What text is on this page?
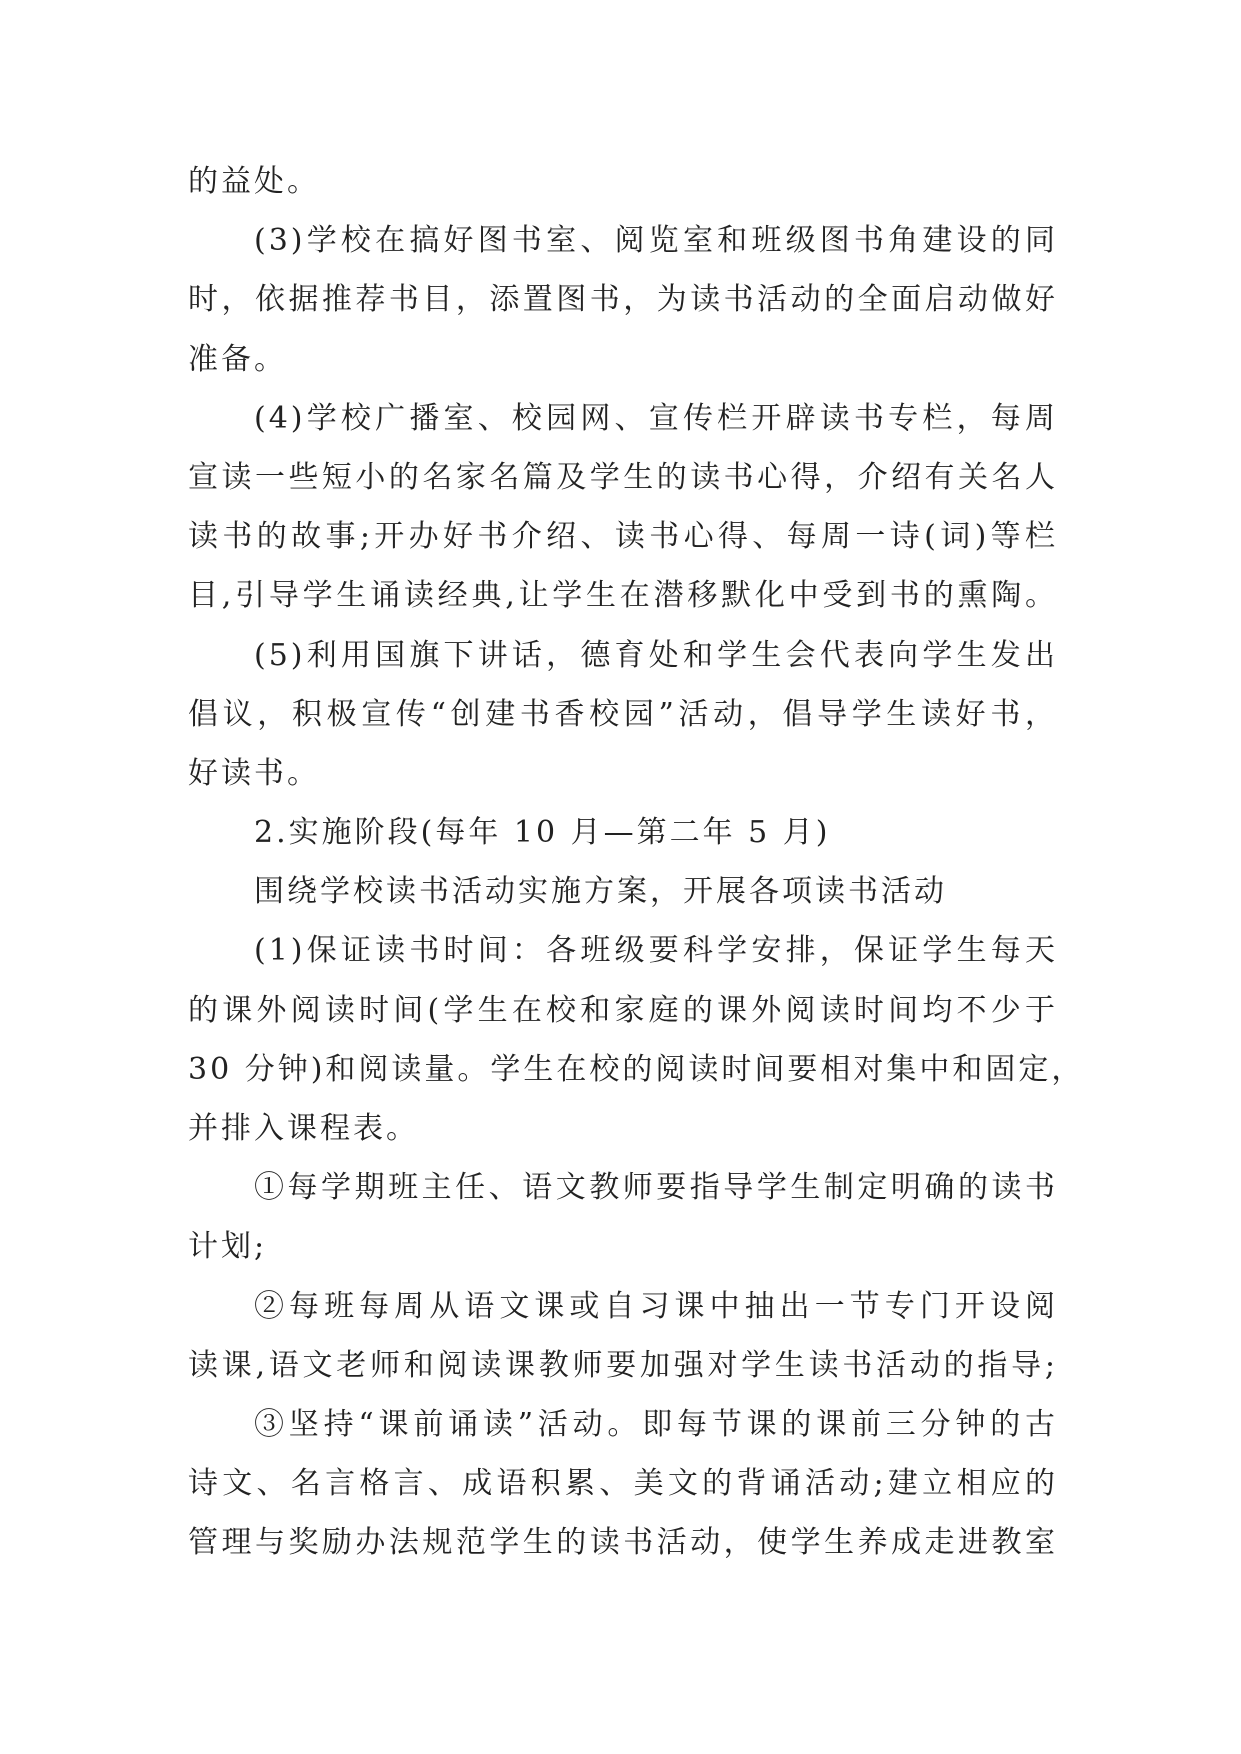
的益处。
(3)学校在搞好图书室、阅览室和班级图书角建设的同
时，依据推荐书目，添置图书，为读书活动的全面启动做好
准备。
(4)学校广播室、校园网、宣传栏开辟读书专栏，每周
宣读一些短小的名家名篇及学生的读书心得，介绍有关名人
读书的故事;开办好书介绍、读书心得、每周一诗(词)等栏
目,引导学生诵读经典,让学生在潜移默化中受到书的熏陶。
(5)利用国旗下讲话，德育处和学生会代表向学生发出
倡议，积极宣传“创建书香校园”活动，倡导学生读好书，
好读书。
2.实施阶段(每年 10 月—第二年 5 月)
围绕学校读书活动实施方案，开展各项读书活动
(1)保证读书时间：各班级要科学安排，保证学生每天
的课外阅读时间(学生在校和家庭的课外阅读时间均不少于
30 分钟)和阅读量。学生在校的阅读时间要相对集中和固定，
并排入课程表。
①每学期班主任、语文教师要指导学生制定明确的读书
计划;
②每班每周从语文课或自习课中抽出一节专门开设阅
读课,语文老师和阅读课教师要加强对学生读书活动的指导;
③坚持“课前诵读”活动。即每节课的课前三分钟的古
诗文、名言格言、成语积累、美文的背诵活动;建立相应的
管理与奖励办法规范学生的读书活动，使学生养成走进教室
